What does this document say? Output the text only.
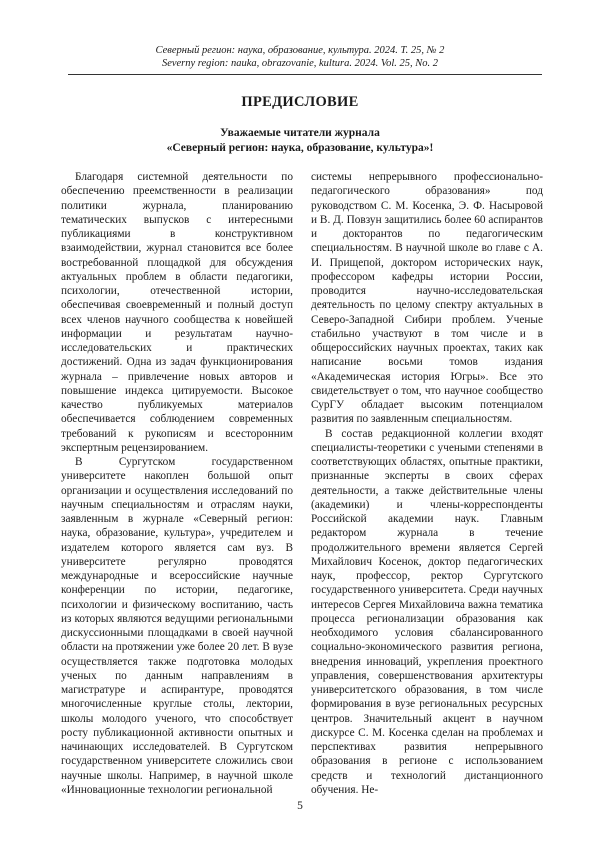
Северный регион: наука, образование, культура. 2024. Т. 25, № 2
Severny region: nauka, obrazovanie, kultura. 2024. Vol. 25, No. 2
ПРЕДИСЛОВИЕ
Уважаемые читатели журнала
«Северный регион: наука, образование, культура»!

Благодаря системной деятельности по обеспечению преемственности в реализации политики журнала, планированию тематических выпусков с интересными публикациями в конструктивном взаимодействии, журнал становится все более востребованной площадкой для обсуждения актуальных проблем в области педагогики, психологии, отечественной истории, обеспечивая своевременный и полный доступ всех членов научного сообщества к новейшей информации и результатам научно-исследовательских и практических достижений. Одна из задач функционирования журнала – привлечение новых авторов и повышение индекса цитируемости. Высокое качество публикуемых материалов обеспечивается соблюдением современных требований к рукописям и всесторонним экспертным рецензированием.

В Сургутском государственном университете накоплен большой опыт организации и осуществления исследований по научным специальностям и отраслям науки, заявленным в журнале «Северный регион: наука, образование, культура», учредителем и издателем которого является сам вуз. В университете регулярно проводятся международные и всероссийские научные конференции по истории, педагогике, психологии и физическому воспитанию, часть из которых являются ведущими региональными дискуссионными площадками в своей научной области на протяжении уже более 20 лет. В вузе осуществляется также подготовка молодых ученых по данным направлениям в магистратуре и аспирантуре, проводятся многочисленные круглые столы, лектории, школы молодого ученого, что способствует росту публикационной активности опытных и начинающих исследователей. В Сургутском государственном университете сложились свои научные школы. Например, в научной школе «Инновационные технологии региональной

системы непрерывного профессионально-педагогического образования» под руководством С. М. Косенка, Э. Ф. Насыровой и В. Д. Повзун защитились более 60 аспирантов и докторантов по педагогическим специальностям. В научной школе во главе с А. И. Прищепой, доктором исторических наук, профессором кафедры истории России, проводится научно-исследовательская деятельность по целому спектру актуальных в Северо-Западной Сибири проблем. Ученые стабильно участвуют в том числе и в общероссийских научных проектах, таких как написание восьми томов издания «Академическая история Югры». Все это свидетельствует о том, что научное сообщество СурГУ обладает высоким потенциалом развития по заявленным специальностям.

В состав редакционной коллегии входят специалисты-теоретики с учеными степенями в соответствующих областях, опытные практики, признанные эксперты в своих сферах деятельности, а также действительные члены (академики) и члены-корреспонденты Российской академии наук. Главным редактором журнала в течение продолжительного времени является Сергей Михайлович Косенок, доктор педагогических наук, профессор, ректор Сургутского государственного университета. Среди научных интересов Сергея Михайловича важна тематика процесса регионализации образования как необходимого условия сбалансированного социально-экономического развития региона, внедрения инноваций, укрепления проектного управления, совершенствования архитектуры университетского образования, в том числе формирования в вузе региональных ресурсных центров. Значительный акцент в научном дискурсе С. М. Косенка сделан на проблемах и перспективах развития непрерывного образования в регионе с использованием средств и технологий дистанционного обучения. Не-

5
